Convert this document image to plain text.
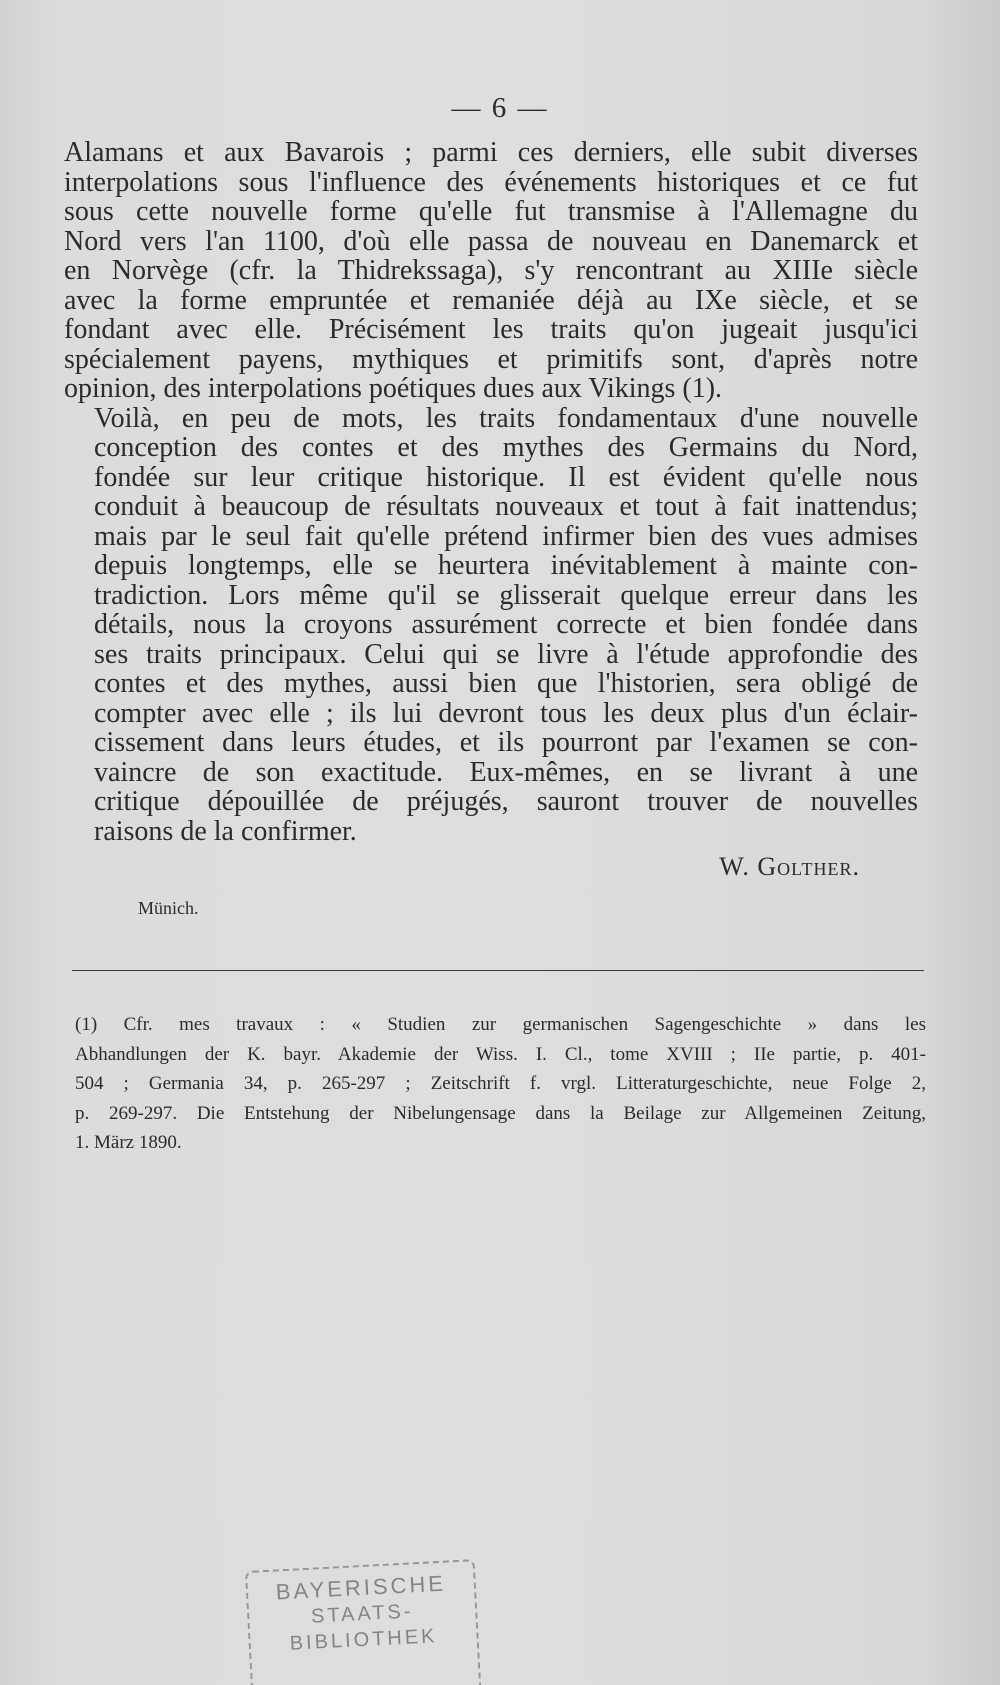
— 6 —

Alamans et aux Bavarois ; parmi ces derniers, elle subit diverses
interpolations sous l'influence des événements historiques et ce fut
sous cette nouvelle forme qu'elle fut transmise à l'Allemagne du
Nord vers l'an 1100, d'où elle passa de nouveau en Danemarck et
en Norvège (cfr. la Thidrekssaga), s'y rencontrant au XIIIe siècle
avec la forme empruntée et remaniée déjà au IXe siècle, et se
fondant avec elle. Précisément les traits qu'on jugeait jusqu'ici
spécialement payens, mythiques et primitifs sont, d'après notre
opinion, des interpolations poétiques dues aux Vikings (1).

Voilà, en peu de mots, les traits fondamentaux d'une nouvelle
conception des contes et des mythes des Germains du Nord,
fondée sur leur critique historique. Il est évident qu'elle nous
conduit à beaucoup de résultats nouveaux et tout à fait inattendus;
mais par le seul fait qu'elle prétend infirmer bien des vues admises
depuis longtemps, elle se heurtera inévitablement à mainte con-
tradiction. Lors même qu'il se glisserait quelque erreur dans les
détails, nous la croyons assurément correcte et bien fondée dans
ses traits principaux. Celui qui se livre à l'étude approfondie des
contes et des mythes, aussi bien que l'historien, sera obligé de
compter avec elle ; ils lui devront tous les deux plus d'un éclair-
cissement dans leurs études, et ils pourront par l'examen se con-
vaincre de son exactitude. Eux-mêmes, en se livrant à une
critique dépouillée de préjugés, sauront trouver de nouvelles
raisons de la confirmer.

W. Golther.
Münich.
(1) Cfr. mes travaux : « Studien zur germanischen Sagengeschichte » dans les
Abhandlungen der K. bayr. Akademie der Wiss. I. Cl., tome XVIII ; IIe partie, p. 401-
504 ; Germania 34, p. 265-297 ; Zeitschrift f. vrgl. Litteraturgeschichte, neue Folge 2,
p. 269-297. Die Entstehung der Nibelungensage dans la Beilage zur Allgemeinen Zeitung,
1. März 1890.
BAYERISCHE
STAATS-
BIBLIOTHEK
